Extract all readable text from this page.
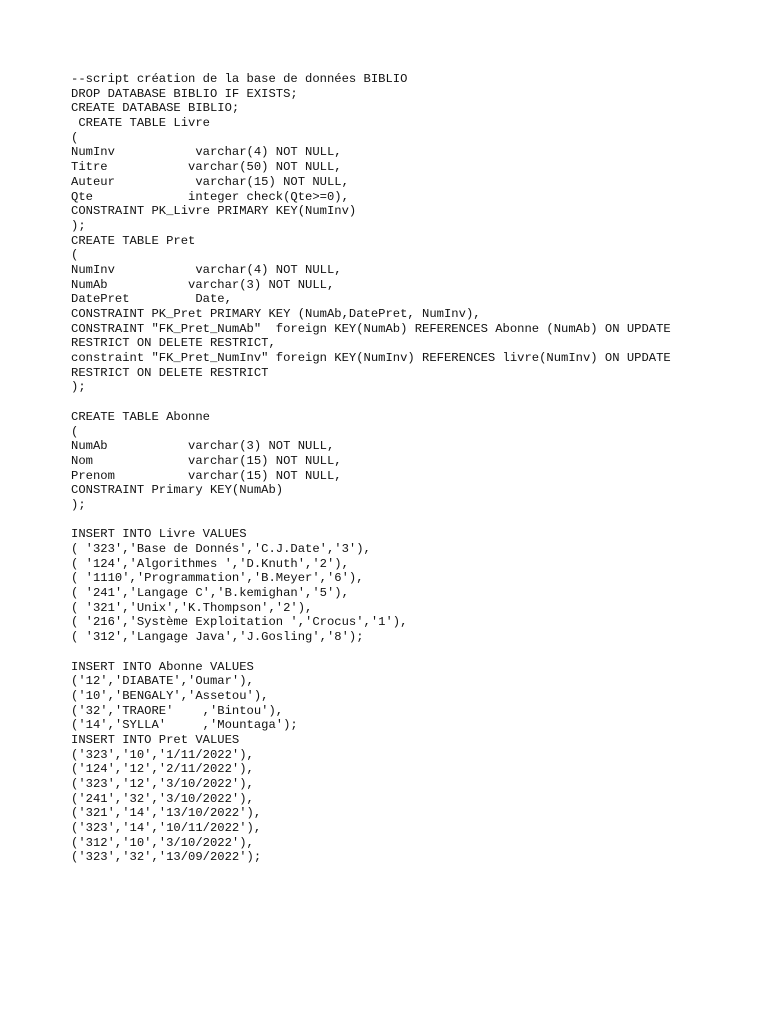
--script création de la base de données BIBLIO
DROP DATABASE BIBLIO IF EXISTS;
CREATE DATABASE BIBLIO;
CREATE TABLE Livre
(
NumInv           varchar(4) NOT NULL,
Titre           varchar(50) NOT NULL,
Auteur           varchar(15) NOT NULL,
Qte             integer check(Qte>=0),
CONSTRAINT PK_Livre PRIMARY KEY(NumInv)
);
CREATE TABLE Pret
(
NumInv           varchar(4) NOT NULL,
NumAb           varchar(3) NOT NULL,
DatePret         Date,
CONSTRAINT PK_Pret PRIMARY KEY (NumAb,DatePret, NumInv),
CONSTRAINT "FK_Pret_NumAb"  foreign KEY(NumAb) REFERENCES Abonne (NumAb) ON UPDATE
RESTRICT ON DELETE RESTRICT,
constraint "FK_Pret_NumInv" foreign KEY(NumInv) REFERENCES livre(NumInv) ON UPDATE
RESTRICT ON DELETE RESTRICT
);
CREATE TABLE Abonne
(
NumAb           varchar(3) NOT NULL,
Nom             varchar(15) NOT NULL,
Prenom          varchar(15) NOT NULL,
CONSTRAINT Primary KEY(NumAb)
);
INSERT INTO Livre VALUES
( '323','Base de Donnés','C.J.Date','3'),
( '124','Algorithmes ','D.Knuth','2'),
( '1110','Programmation','B.Meyer','6'),
( '241','Langage C','B.kemighan','5'),
( '321','Unix','K.Thompson','2'),
( '216','Système Exploitation ','Crocus','1'),
( '312','Langage Java','J.Gosling','8');
INSERT INTO Abonne VALUES
('12','DIABATE','Oumar'),
('10','BENGALY','Assetou'),
('32','TRAORE'    ,'Bintou'),
('14','SYLLA'     ,'Mountaga');
INSERT INTO Pret VALUES
('323','10','1/11/2022'),
('124','12','2/11/2022'),
('323','12','3/10/2022'),
('241','32','3/10/2022'),
('321','14','13/10/2022'),
('323','14','10/11/2022'),
('312','10','3/10/2022'),
('323','32','13/09/2022');
